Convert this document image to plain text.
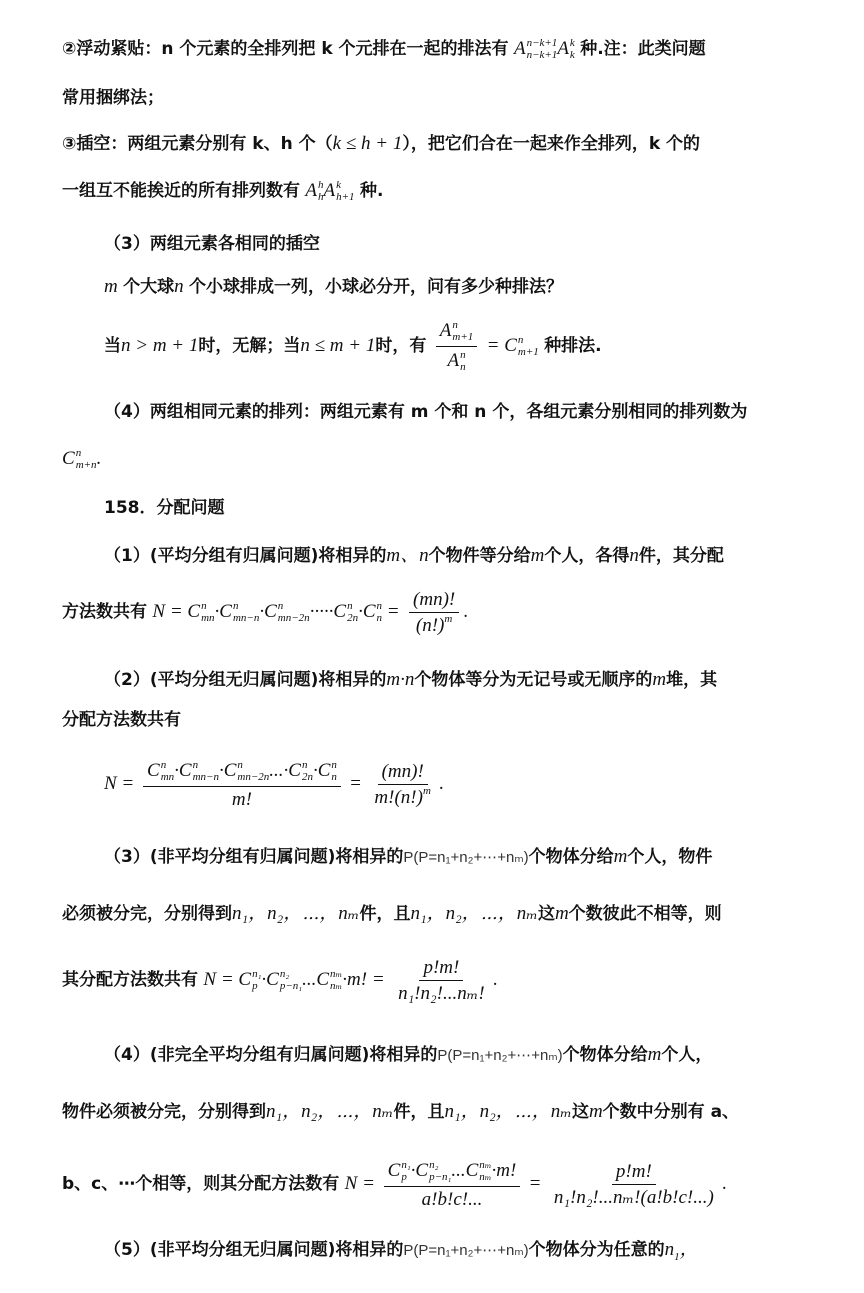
②浮动紧贴：n 个元素的全排列把 k 个元排在一起的排法有 A n−k+1
n−k+1 A k
k 种.注：此类问题
常用捆绑法；
③插空：两组元素分别有 k、h 个（k ≤ h + 1），把它们合在一起来作全排列，k 个的
一组互不能挨近的所有排列数有 A h
h A k
h+1 种.
（3）两组元素各相同的插空
m 个大球n 个小球排成一列，小球必分开，问有多少种排法？
当n > m + 1时，无解；当n ≤ m + 1时，有 A n
m+1
A n
n = C n
m+1 种排法.
（4）两组相同元素的排列：两组元素有 m 个和 n 个，各组元素分别相同的排列数为
C n
m+n .
158．分配问题
（1）(平均分组有归属问题)将相异的m、n个物件等分给m个人，各得n件，其分配
方法数共有 N = C n
mn ·C n
mn−n ·C n
mn−2n ·····C n
2n ·C n
$n = \frac{(mn)!}{(n!)^m}$ .
（2）(平均分组无归属问题)将相异的m·n个物体等分为无记号或无顺序的m堆，其
分配方法数共有
N = C n
mn ·C n
mn−n ·C n
mn−2n ...·C n
2n ·C n
n
m! = $\frac{(mn)!}{m!(n!)^m}$ .
（3）(非平均分组有归属问题)将相异的P(P=n₁+n₂+⋯+nₘ)个物体分给m个人，物件
必须被分完，分别得到n₁，n₂，⋯，nₘ件，且n₁，n₂，⋯，nₘ这m个数彼此不相等，则
其分配方法数共有 N = C n₁
p ·C n₂
p−n₁ ...C nₘ
nₘ ·m! = $\frac{p!m!}{\text{n₁!n₂!...nₘ!}}$ .
（4）(非完全平均分组有归属问题)将相异的P(P=n₁+n₂+⋯+nₘ)个物体分给m个人，
物件必须被分完，分别得到n₁，n₂，⋯，nₘ件，且n₁，n₂，⋯，nₘ这m个数中分别有 a、
b、c、⋯个相等，则其分配方法数有 N = C n₁
p ·C n₂
p−n₁ ...C nₘ
nₘ ·m!
a!b!c!... = $\frac{p!m!}{\text{n₁!n₂!...nₘ!(a!b!c!...)}}$ .
（5）(非平均分组无归属问题)将相异的P(P=n₁+n₂+⋯+nₘ)个物体分为任意的$n_1$，
